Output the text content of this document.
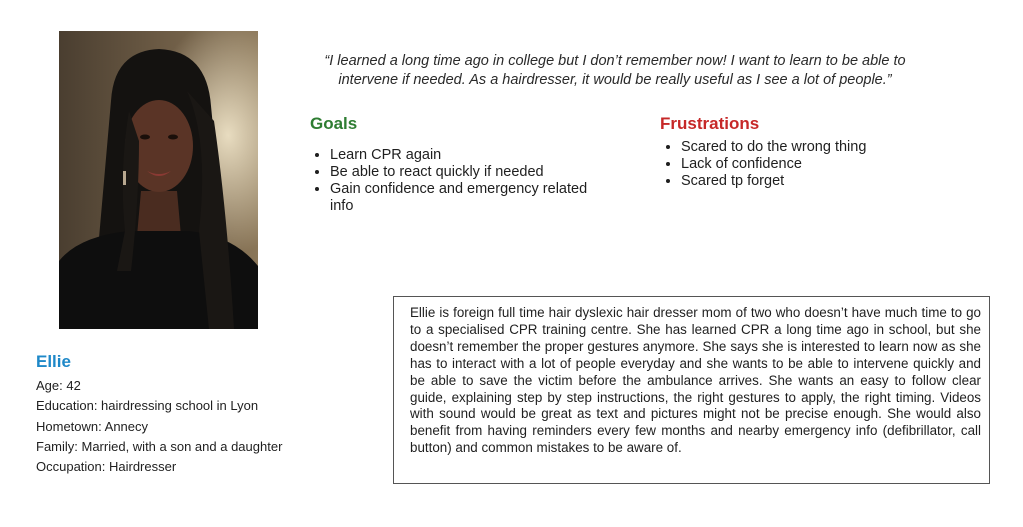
“I learned a long time ago in college but I don’t remember now! I want to learn to be able to intervene if needed. As a hairdresser, it would be really useful as I see a lot of people.”
Goals
• Learn CPR again
• Be able to react quickly if needed
• Gain confidence and emergency related info
Frustrations
• Scared to do the wrong thing
• Lack of confidence
• Scared tp forget
Ellie
Age: 42
Education: hairdressing school in Lyon
Hometown: Annecy
Family: Married, with a son and a daughter
Occupation: Hairdresser
Ellie is foreign full time hair dyslexic hair dresser mom of two who doesn’t have much time to go to a specialised CPR training centre. She has learned CPR a long time ago in school, but she doesn’t remember the proper gestures anymore. She says she is interested to learn now as she has to interact with a lot of people everyday and she wants to be able to intervene quickly and be able to save the victim before the ambulance arrives. She wants an easy to follow clear guide, explaining step by step instructions, the right gestures to apply, the right timing. Videos with sound would be great as text and pictures might not be precise enough. She would also benefit from having reminders every few months and nearby emergency info (defibrillator, call button) and common mistakes to be aware of.
